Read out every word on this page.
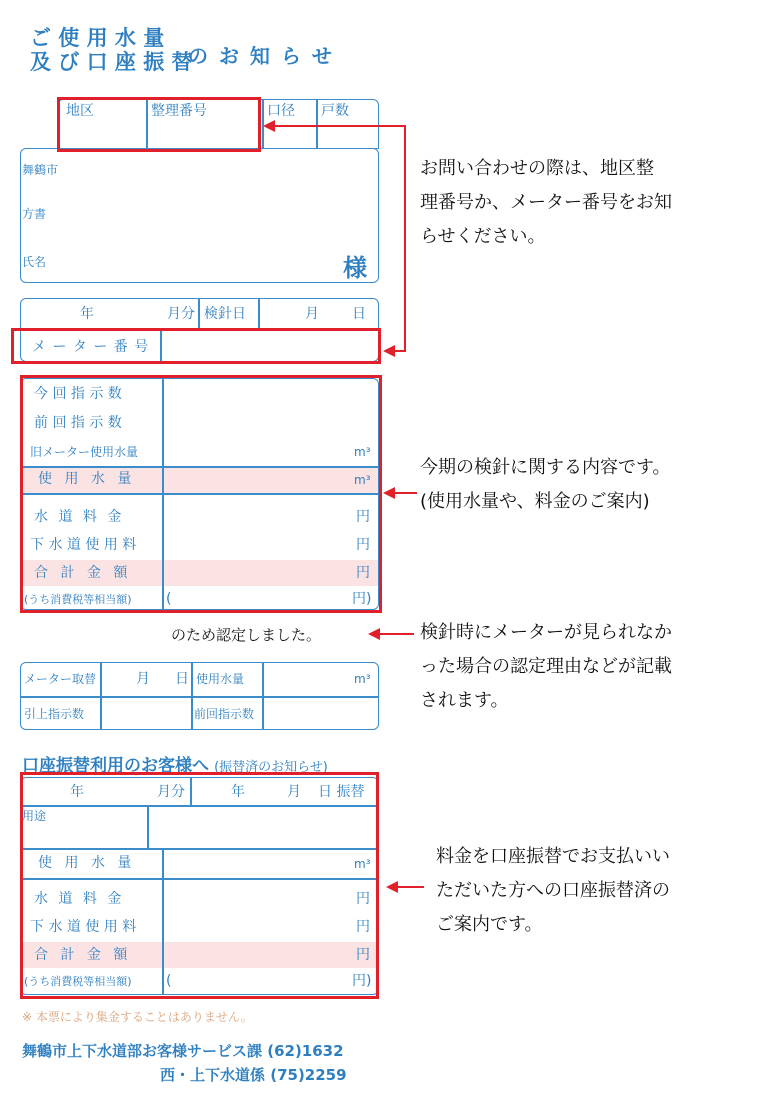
ご 使 用 水 量
及 び 口 座 振 替
の お 知 ら せ
地区	整理番号	口径 戸数
舞鶴市
方書
氏名	様
年	月分 検針日	月 日
メ ー タ ー 番 号
今 回 指 示 数
前 回 指 示 数
旧メーター使用水量	m³
使 用 水 量	m³
水 道 料 金	円
下 水 道 使 用 料	円
合 計 金 額	円
(うち消費税等相当額) (	円)
のため認定しました。
メーター取替	月 日 使用水量	m³
引上指示数	前回指示数
口座振替利用のお客様へ (振替済のお知らせ)
年	月分	年	月 日 振替
用途
使 用 水 量	m³
水 道 料 金	円
下 水 道 使 用 料	円
合 計 金 額	円
(うち消費税等相当額) (	円)
※ 本票により集金することはありません。
舞鶴市上下水道部お客様サービス課 (62)1632
西・上下水道係 (75)2259
お問い合わせの際は、地区整
理番号か、メーター番号をお知
らせください。
今期の検針に関する内容です。
(使用水量や、料金のご案内)
検針時にメーターが見られなか
った場合の認定理由などが記載
されます。
料金を口座振替でお支払いい
ただいた方への口座振替済の
ご案内です。
